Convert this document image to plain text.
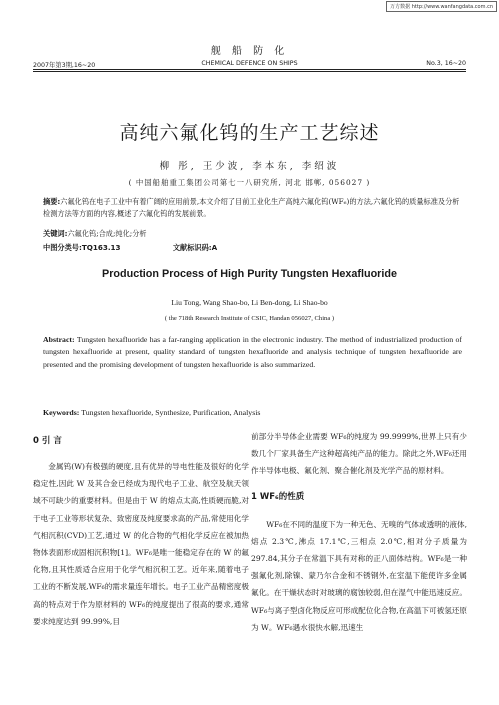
万方数据 http://www.wanfangdata.com.cn
舰 船 防 化
2007年第3期,16~20	CHEMICAL DEFENCE ON SHIPS	No.3, 16~20
高纯六氟化钨的生产工艺综述
柳 彤, 王少波, 李本东, 李绍波
( 中国船舶重工集团公司第七一八研究所, 河北 邯郸, 056027 )
摘要:六氟化钨在电子工业中有着广阔的应用前景,本文介绍了目前工业化生产高纯六氟化钨(WF₆)的方法,六氟化钨的质量标准及分析检测方法等方面的内容,概述了六氟化钨的发展前景。
关键词:六氟化钨;合成;纯化;分析
中图分类号:TQ163.13	文献标识码:A
Production Process of High Purity Tungsten Hexafluoride
Liu Tong, Wang Shao-bo, Li Ben-dong, Li Shao-bo
( the 718th Research Institute of CSIC, Handan 056027, China )
Abstract: Tungsten hexafluoride has a far-ranging application in the electronic industry. The method of industrialized production of tungsten hexafluoride at present, quality standard of tungsten hexafluoride and analysis technique of tungsten hexafluoride are presented and the promising development of tungsten hexafluoride is also summarized.
Keywords: Tungsten hexafluoride, Synthesize, Purification, Analysis
0 引 言

金属钨(W)有极强的硬度,且有优异的导电性能及很好的化学稳定性,因此 W 及其合金已经成为现代电子工业、航空及航天领域不可缺少的重要材料。但是由于 W 的熔点太高,性质硬而脆,对于电子工业等形状复杂、致密度及纯度要求高的产品,常使用化学气相沉积(CVD)工艺,通过 W 的化合物的气相化学反应在被加热物体表面形成固相沉积物[1]。WF₆是唯一能稳定存在的 W 的氟化物,且其性质适合应用于化学气相沉积工艺。近年来,随着电子工业的不断发展,WF₆的需求量连年增长。电子工业产品精密度极高的特点对于作为原材料的 WF₆的纯度提出了很高的要求,通常要求纯度达到 99.99%,目

前部分半导体企业需要 WF₆的纯度为 99.9999%,世界上只有少数几个厂家具备生产这种超高纯产品的能力。除此之外,WF₆还用作半导体电极、氟化剂、聚合催化剂及光学产品的原材料。

1 WF₆的性质

WF₆在不同的温度下为一种无色、无嗅的气体或透明的液体,熔点 2.3℃,沸点 17.1℃,三相点 2.0℃,相对分子质量为 297.84,其分子在常温下具有对称的正八面体结构。WF₆是一种强氟化剂,除镍、蒙乃尔合金和不锈钢外,在室温下能使许多金属氟化。在干燥状态时对玻璃的腐蚀较弱,但在湿气中能迅速反应。WF₆与离子型卤化物反应可形成配位化合物,在高温下可被氢还原为 W。WF₆遇水很快水解,迅速生
